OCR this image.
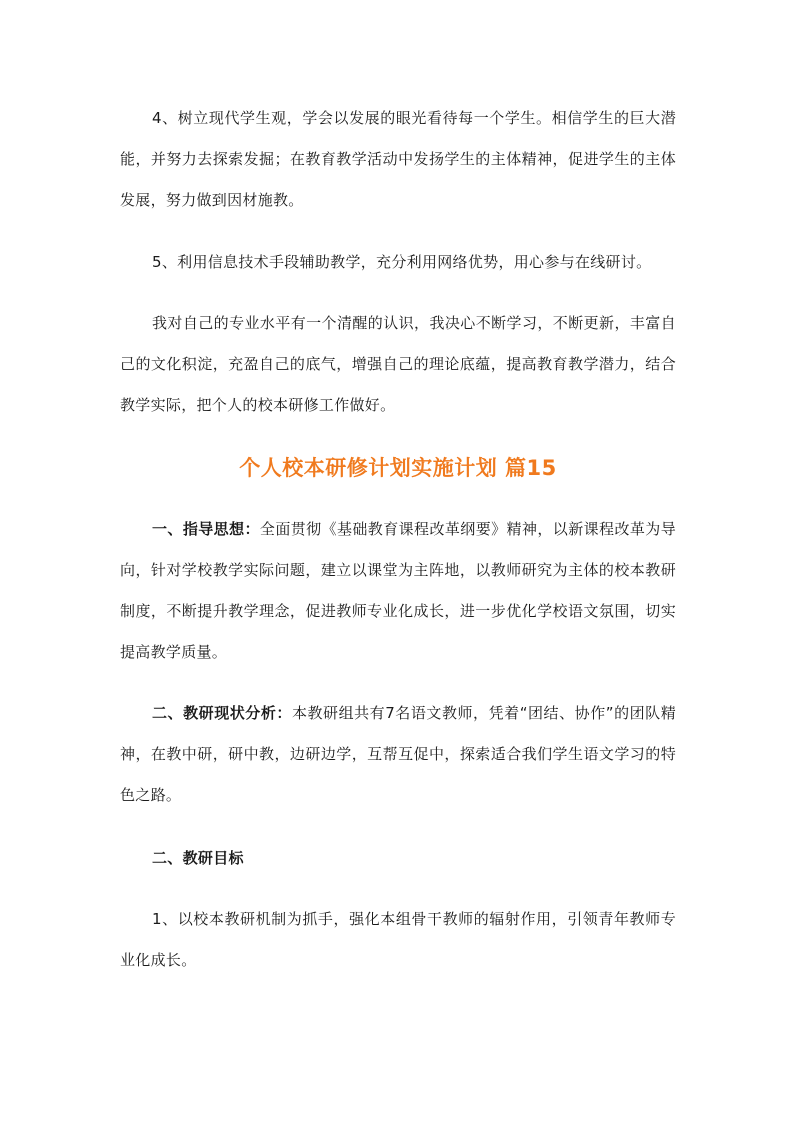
4、树立现代学生观，学会以发展的眼光看待每一个学生。相信学生的巨大潜能，并努力去探索发掘；在教育教学活动中发扬学生的主体精神，促进学生的主体发展，努力做到因材施教。

5、利用信息技术手段辅助教学，充分利用网络优势，用心参与在线研讨。

我对自己的专业水平有一个清醒的认识，我决心不断学习，不断更新，丰富自己的文化积淀，充盈自己的底气，增强自己的理论底蕴，提高教育教学潜力，结合教学实际，把个人的校本研修工作做好。

个人校本研修计划实施计划 篇15

一、指导思想：全面贯彻《基础教育课程改革纲要》精神，以新课程改革为导向，针对学校教学实际问题，建立以课堂为主阵地，以教师研究为主体的校本教研制度，不断提升教学理念，促进教师专业化成长，进一步优化学校语文氛围，切实提高教学质量。

二、教研现状分析：本教研组共有7名语文教师，凭着“团结、协作”的团队精神，在教中研，研中教，边研边学，互帮互促中，探索适合我们学生语文学习的特色之路。

二、教研目标

1、以校本教研机制为抓手，强化本组骨干教师的辐射作用，引领青年教师专业化成长。
